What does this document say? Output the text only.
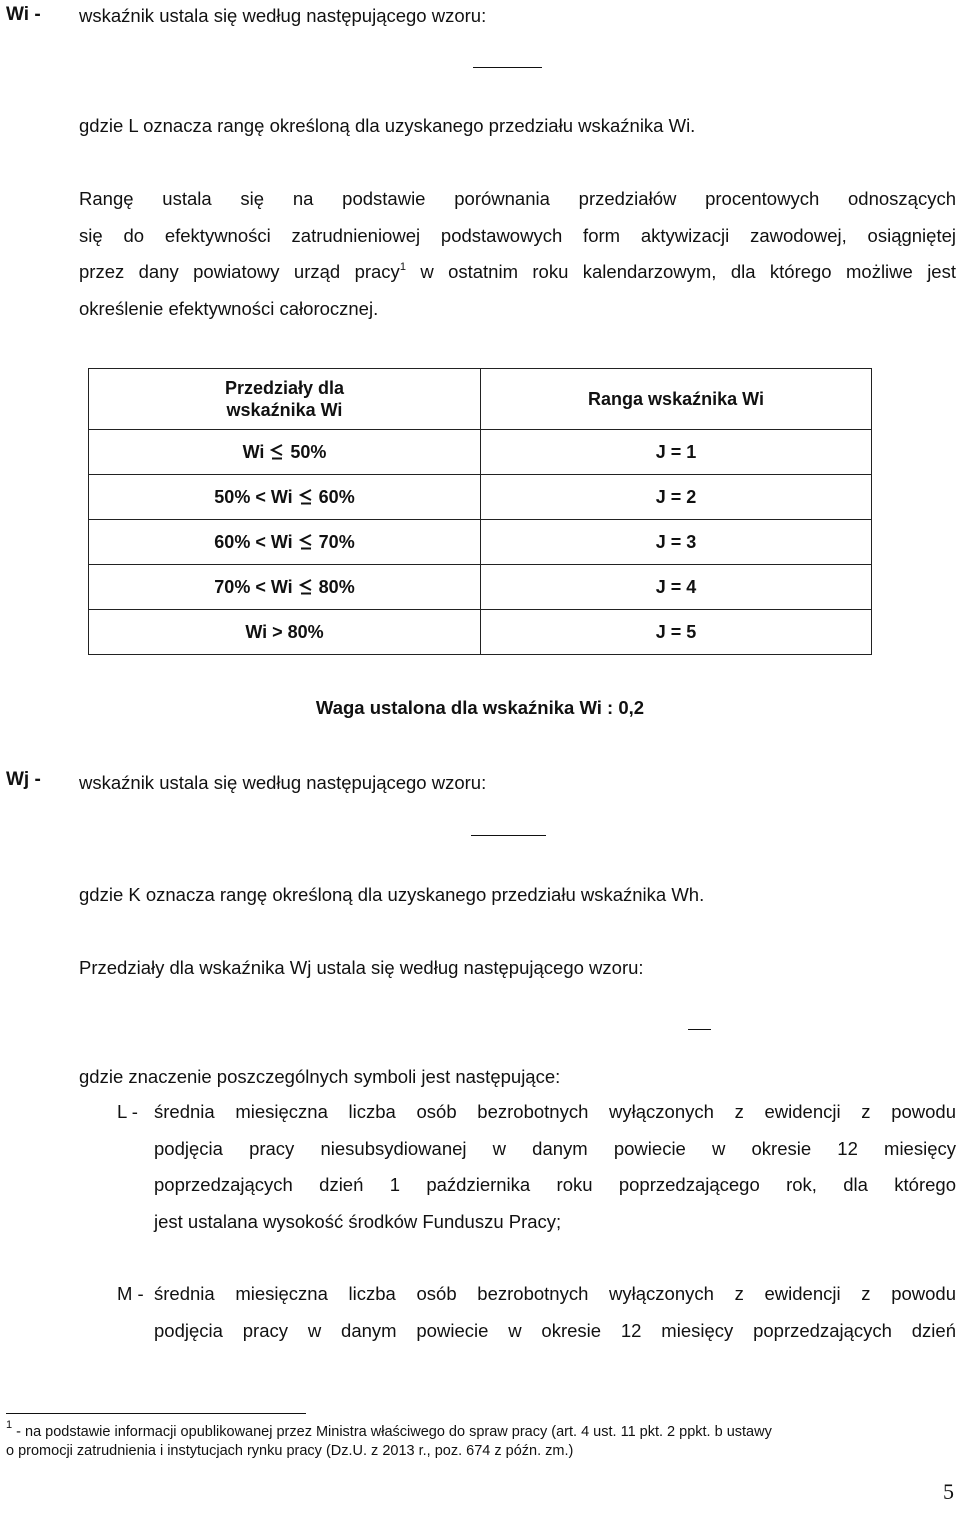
Wi - wskaźnik ustala się według następującego wzoru:
gdzie L oznacza rangę określoną dla uzyskanego przedziału wskaźnika Wi.
Rangę ustala się na podstawie porównania przedziałów procentowych odnoszących
się do efektywności zatrudnieniowej podstawowych form aktywizacji zawodowej, osiągniętej
przez dany powiatowy urząd pracy$^1$ w ostatnim roku kalendarzowym, dla którego możliwe jest
określenie efektywności całorocznej.
Przedziały dla
wskaźnika Wi	Ranga wskaźnika Wi
Wi 50%	J = 1
50% < Wi 60%	J = 2
60% < Wi 70%	J = 3
70% < Wi 80%	J = 4
Wi > 80%	J = 5
Waga ustalona dla wskaźnika Wi : 0,2
Wj - wskaźnik ustala się według następującego wzoru:
gdzie K oznacza rangę określoną dla uzyskanego przedziału wskaźnika Wh.
Przedziały dla wskaźnika Wj ustala się według następującego wzoru:
gdzie znaczenie poszczególnych symboli jest następujące:
L - średnia miesięczna liczba osób bezrobotnych wyłączonych z ewidencji z powodu
podjęcia pracy niesubsydiowanej w danym powiecie w okresie 12 miesięcy
poprzedzających dzień 1 października roku poprzedzającego rok, dla którego
jest ustalana wysokość środków Funduszu Pracy;
M - średnia miesięczna liczba osób bezrobotnych wyłączonych z ewidencji z powodu
podjęcia pracy w danym powiecie w okresie 12 miesięcy poprzedzających dzień
$^1$ - na podstawie informacji opublikowanej przez Ministra właściwego do spraw pracy (art. 4 ust. 11 pkt. 2 ppkt. b ustawy
o promocji zatrudnienia i instytucjach rynku pracy (Dz.U. z 2013 r., poz. 674 z późn. zm.)
5
